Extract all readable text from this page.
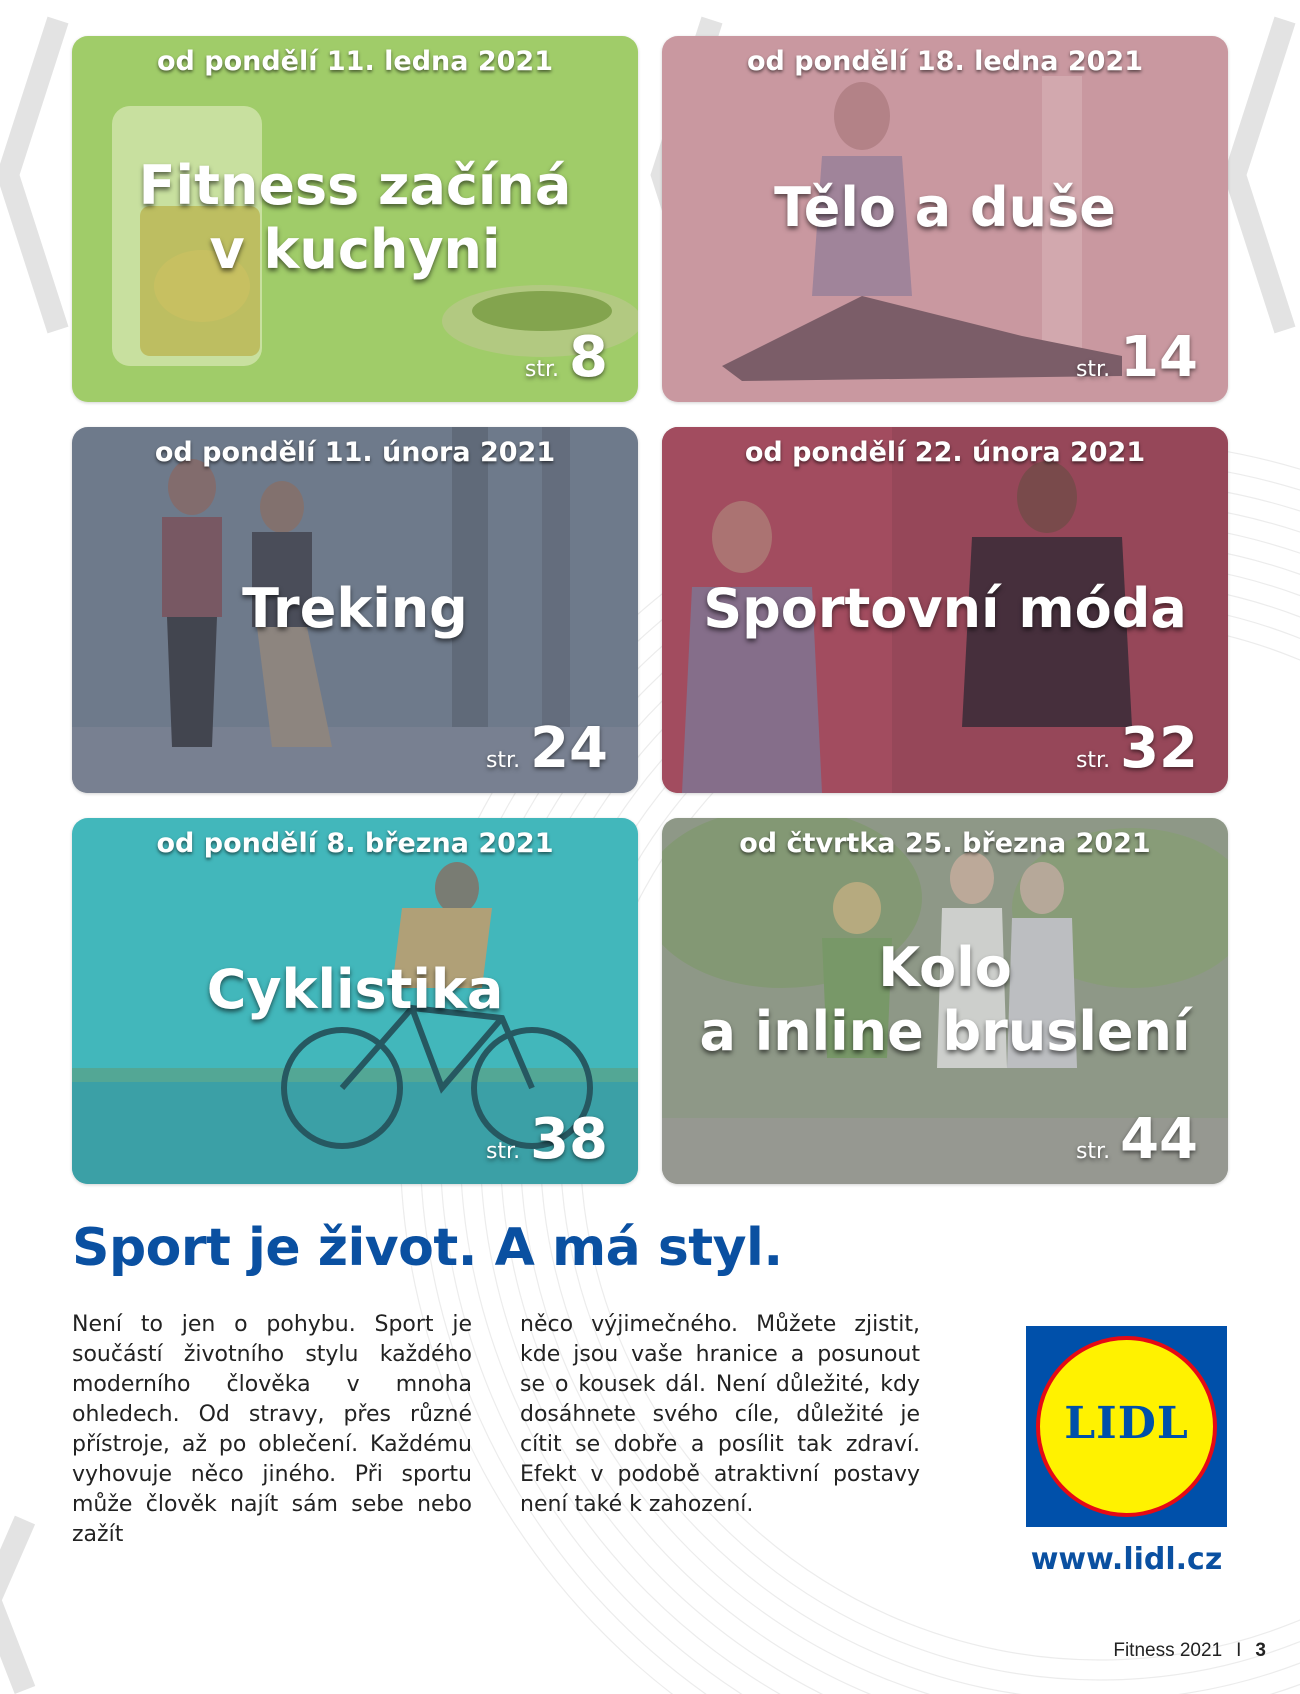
od pondělí 11. ledna 2021
Fitness začíná
v kuchyni
str. 8
od pondělí 18. ledna 2021
Tělo a duše
str. 14
od pondělí 11. února 2021
Treking
str. 24
od pondělí 22. února 2021
Sportovní móda
str. 32
od pondělí 8. března 2021
Cyklistika
str. 38
od čtvrtka 25. března 2021
Kolo
a inline bruslení
str. 44
Sport je život. A má styl.

Není to jen o pohybu. Sport je součástí životního stylu každého moderního člověka v mnoha ohledech. Od stravy, přes různé přístroje, až po oblečení. Každému vyhovuje něco jiného. Při sportu může člověk najít sám sebe nebo zažít

něco výjimečného. Můžete zjistit, kde jsou vaše hranice a posunout se o kousek dál. Není důležité, kdy dosáhnete svého cíle, důležité je cítit se dobře a posílit tak zdraví. Efekt v podobě atraktivní postavy není také k zahození.

LIDL
www.lidl.cz
Fitness 2021 I 3
